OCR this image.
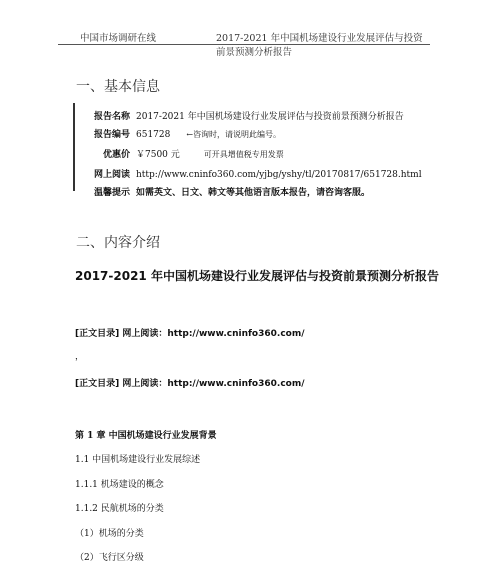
中国市场调研在线	2017-2021 年中国机场建设行业发展评估与投资前景预测分析报告
一、基本信息
报告名称 2017-2021 年中国机场建设行业发展评估与投资前景预测分析报告
报告编号 651728 ←咨询时，请说明此编号。
优惠价 ￥7500 元	可开具增值税专用发票
网上阅读 http://www.cninfo360.com/yjbg/yshy/tl/20170817/651728.html
温馨提示 如需英文、日文、韩文等其他语言版本报告，请咨询客服。
二、内容介绍
2017-2021 年中国机场建设行业发展评估与投资前景预测分析报告
[正文目录] 网上阅读：http://www.cninfo360.com/
，
[正文目录] 网上阅读：http://www.cninfo360.com/
第 1 章 中国机场建设行业发展背景
1.1 中国机场建设行业发展综述
1.1.1 机场建设的概念
1.1.2 民航机场的分类
（1）机场的分类
（2）飞行区分级
